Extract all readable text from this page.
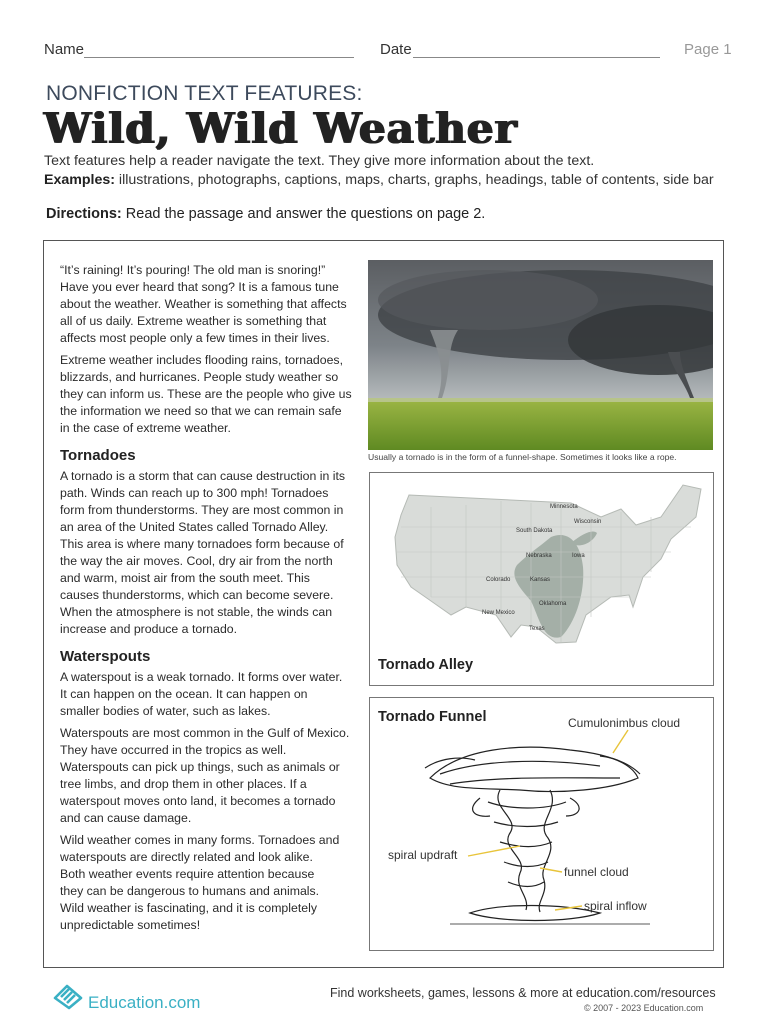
Name	Date	Page 1
NONFICTION TEXT FEATURES:
Wild, Wild Weather
Text features help a reader navigate the text. They give more information about the text.
Examples: illustrations, photographs, captions, maps, charts, graphs, headings, table of contents, side bar
Directions: Read the passage and answer the questions on page 2.

“It’s raining! It’s pouring! The old man is snoring!” Have you ever heard that song? It is a famous tune about the weather. Weather is something that affects all of us daily. Extreme weather is something that affects most people only a few times in their lives.

Extreme weather includes flooding rains, tornadoes, blizzards, and hurricanes. People study weather so they can inform us. These are the people who give us the information we need so that we can remain safe in the case of extreme weather.

Tornadoes

A tornado is a storm that can cause destruction in its path. Winds can reach up to 300 mph! Tornadoes form from thunderstorms. They are most common in an area of the United States called Tornado Alley. This area is where many tornadoes form because of the way the air moves. Cool, dry air from the north and warm, moist air from the south meet. This causes thunderstorms, which can become severe. When the atmosphere is not stable, the winds can increase and produce a tornado.

Waterspouts

A waterspout is a weak tornado. It forms over water. It can happen on the ocean. It can happen on smaller bodies of water, such as lakes.

Waterspouts are most common in the Gulf of Mexico. They have occurred in the tropics as well. Waterspouts can pick up things, such as animals or tree limbs, and drop them in other places. If a waterspout moves onto land, it becomes a tornado and can cause damage.

Wild weather comes in many forms. Tornadoes and waterspouts are directly related and look alike. Both weather events require attention because they can be dangerous to humans and animals. Wild weather is fascinating, and it is completely unpredictable sometimes!

Usually a tornado is in the form of a funnel-shape. Sometimes it looks like a rope.
Minnesota
Wisconsin
South Dakota
Nebraska	Iowa
Colorado	Kansas
Oklahoma
New Mexico
Texas
Tornado Alley
Tornado Funnel	Cumulonimbus cloud
spiral updraft
funnel cloud
spiral inflow
Education.com	Find worksheets, games, lessons & more at education.com/resources
© 2007 - 2023 Education.com
